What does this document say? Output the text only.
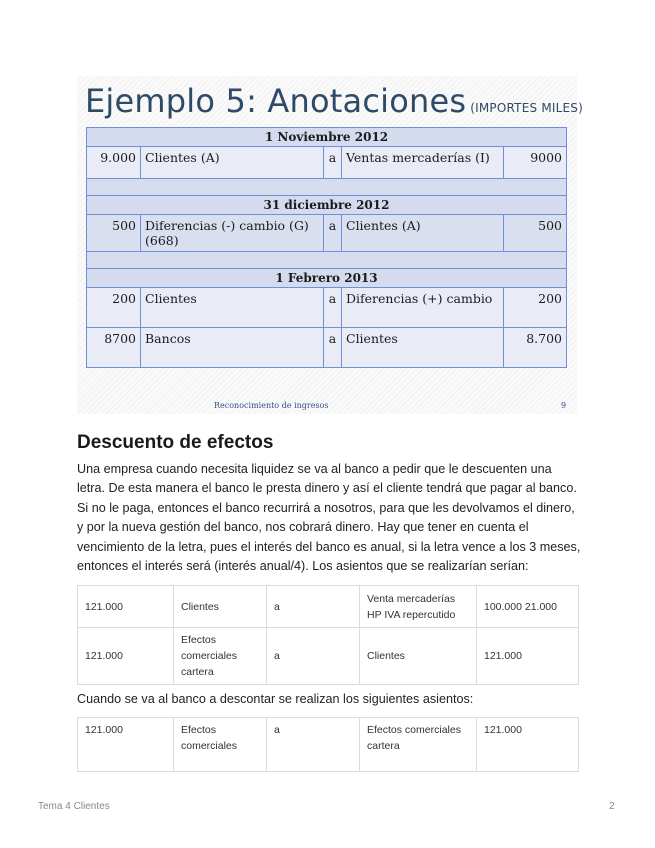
Ejemplo 5: Anotaciones (IMPORTES MILES)
1 Noviembre 2012				
9.000	Clientes (A)	a	Ventas mercaderías (I)	9000

31 diciembre 2012				
500	Diferencias (-) cambio (G) (668)	a	Clientes (A)	500

1 Febrero 2013				
200	Clientes	a	Diferencias (+) cambio	200
8700	Bancos	a	Clientes	8.700
Reconocimiento de ingresos	9
Descuento de efectos

Una empresa cuando necesita liquidez se va al banco a pedir que le descuenten una letra. De esta manera el banco le presta dinero y así el cliente tendrá que pagar al banco. Si no le paga, entonces el banco recurrirá a nosotros, para que les devolvamos el dinero, y por la nueva gestión del banco, nos cobrará dinero. Hay que tener en cuenta el vencimiento de la letra, pues el interés del banco es anual, si la letra vence a los 3 meses, entonces el interés será (interés anual/4). Los asientos que se realizarían serían:

121.000	Clientes	a	Venta mercaderías HP IVA repercutido	100.000 21.000
121.000	Efectos comerciales cartera	a	Clientes	121.000

Cuando se va al banco a descontar se realizan los siguientes asientos:

121.000	Efectos comerciales	a	Efectos comerciales cartera	121.000
Tema 4 Clientes	2
